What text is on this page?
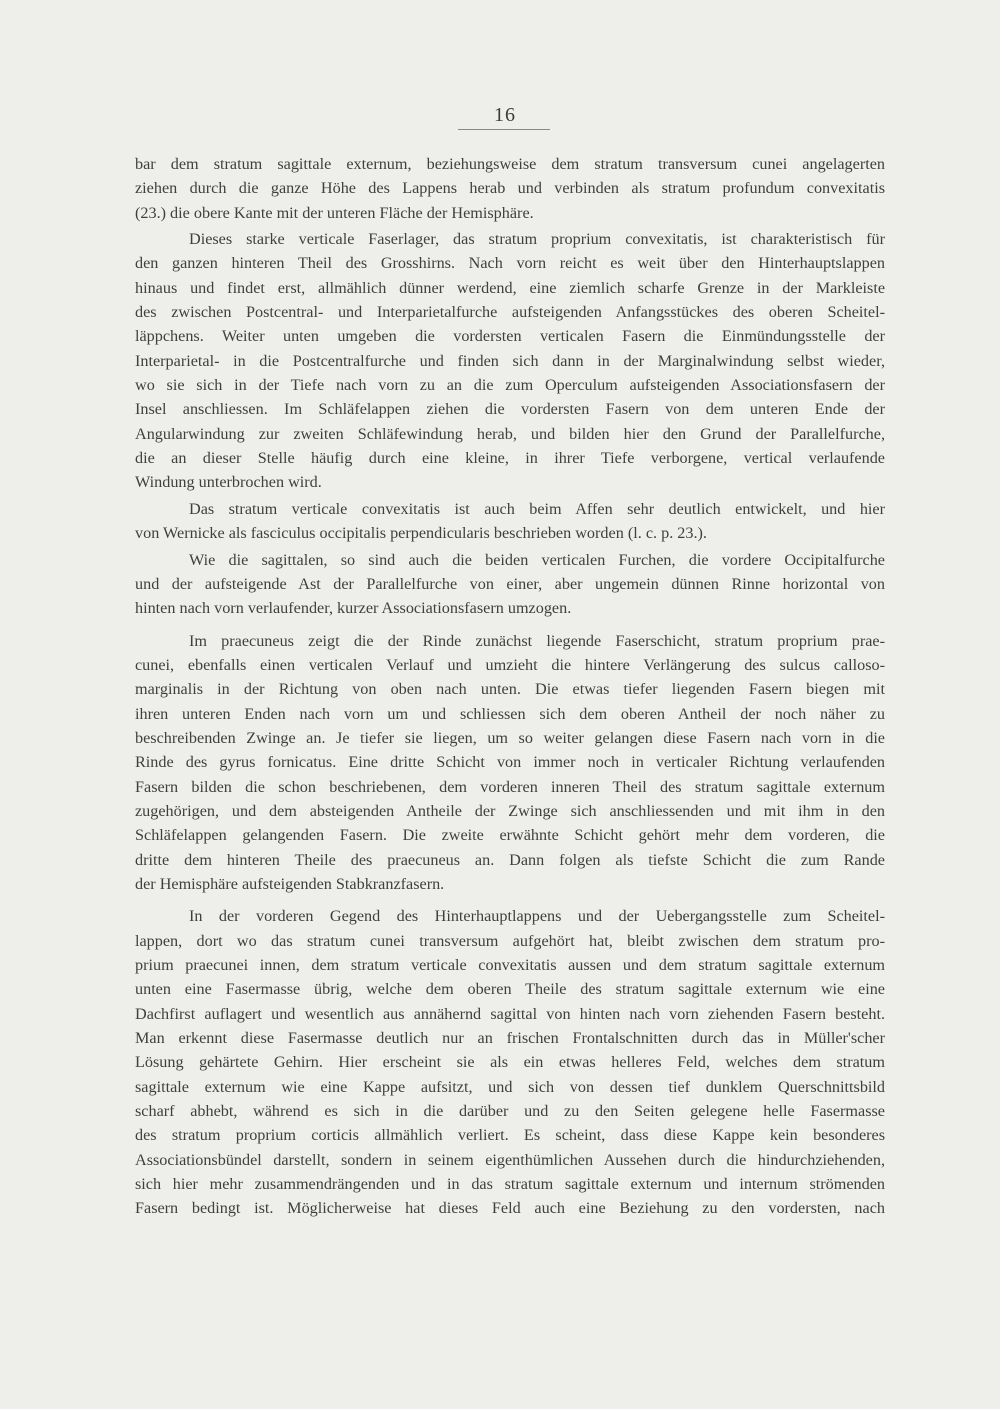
16
bar dem stratum sagittale externum, beziehungsweise dem stratum transversum cunei angelagerten
ziehen durch die ganze Höhe des Lappens herab und verbinden als stratum profundum convexitatis
(23.) die obere Kante mit der unteren Fläche der Hemisphäre.
Dieses starke verticale Faserlager, das stratum proprium convexitatis, ist charakteristisch für
den ganzen hinteren Theil des Grosshirns. Nach vorn reicht es weit über den Hinterhauptslappen
hinaus und findet erst, allmählich dünner werdend, eine ziemlich scharfe Grenze in der Markleiste
des zwischen Postcentral- und Interparietalfurche aufsteigenden Anfangsstückes des oberen Scheitel-
läppchens. Weiter unten umgeben die vordersten verticalen Fasern die Einmündungsstelle der
Interparietal- in die Postcentralfurche und finden sich dann in der Marginalwindung selbst wieder,
wo sie sich in der Tiefe nach vorn zu an die zum Operculum aufsteigenden Associationsfasern der
Insel anschliessen. Im Schläfelappen ziehen die vordersten Fasern von dem unteren Ende der
Angularwindung zur zweiten Schläfewindung herab, und bilden hier den Grund der Parallelfurche,
die an dieser Stelle häufig durch eine kleine, in ihrer Tiefe verborgene, vertical verlaufende
Windung unterbrochen wird.
Das stratum verticale convexitatis ist auch beim Affen sehr deutlich entwickelt, und hier
von Wernicke als fasciculus occipitalis perpendicularis beschrieben worden (l. c. p. 23.).
Wie die sagittalen, so sind auch die beiden verticalen Furchen, die vordere Occipitalfurche
und der aufsteigende Ast der Parallelfurche von einer, aber ungemein dünnen Rinne horizontal von
hinten nach vorn verlaufender, kurzer Associationsfasern umzogen.
Im praecuneus zeigt die der Rinde zunächst liegende Faserschicht, stratum proprium prae-
cunei, ebenfalls einen verticalen Verlauf und umzieht die hintere Verlängerung des sulcus calloso-
marginalis in der Richtung von oben nach unten. Die etwas tiefer liegenden Fasern biegen mit
ihren unteren Enden nach vorn um und schliessen sich dem oberen Antheil der noch näher zu
beschreibenden Zwinge an. Je tiefer sie liegen, um so weiter gelangen diese Fasern nach vorn in die
Rinde des gyrus fornicatus. Eine dritte Schicht von immer noch in verticaler Richtung verlaufenden
Fasern bilden die schon beschriebenen, dem vorderen inneren Theil des stratum sagittale externum
zugehörigen, und dem absteigenden Antheile der Zwinge sich anschliessenden und mit ihm in den
Schläfelappen gelangenden Fasern. Die zweite erwähnte Schicht gehört mehr dem vorderen, die
dritte dem hinteren Theile des praecuneus an. Dann folgen als tiefste Schicht die zum Rande
der Hemisphäre aufsteigenden Stabkranzfasern.
In der vorderen Gegend des Hinterhauptlappens und der Uebergangsstelle zum Scheitel-
lappen, dort wo das stratum cunei transversum aufgehört hat, bleibt zwischen dem stratum pro-
prium praecunei innen, dem stratum verticale convexitatis aussen und dem stratum sagittale externum
unten eine Fasermasse übrig, welche dem oberen Theile des stratum sagittale externum wie eine
Dachfirst auflagert und wesentlich aus annähernd sagittal von hinten nach vorn ziehenden Fasern besteht.
Man erkennt diese Fasermasse deutlich nur an frischen Frontalschnitten durch das in Müller'scher
Lösung gehärtete Gehirn. Hier erscheint sie als ein etwas helleres Feld, welches dem stratum
sagittale externum wie eine Kappe aufsitzt, und sich von dessen tief dunklem Querschnittsbild
scharf abhebt, während es sich in die darüber und zu den Seiten gelegene helle Fasermasse
des stratum proprium corticis allmählich verliert. Es scheint, dass diese Kappe kein besonderes
Associationsbündel darstellt, sondern in seinem eigenthümlichen Aussehen durch die hindurchziehenden,
sich hier mehr zusammendrängenden und in das stratum sagittale externum und internum strömenden
Fasern bedingt ist. Möglicherweise hat dieses Feld auch eine Beziehung zu den vordersten, nach
